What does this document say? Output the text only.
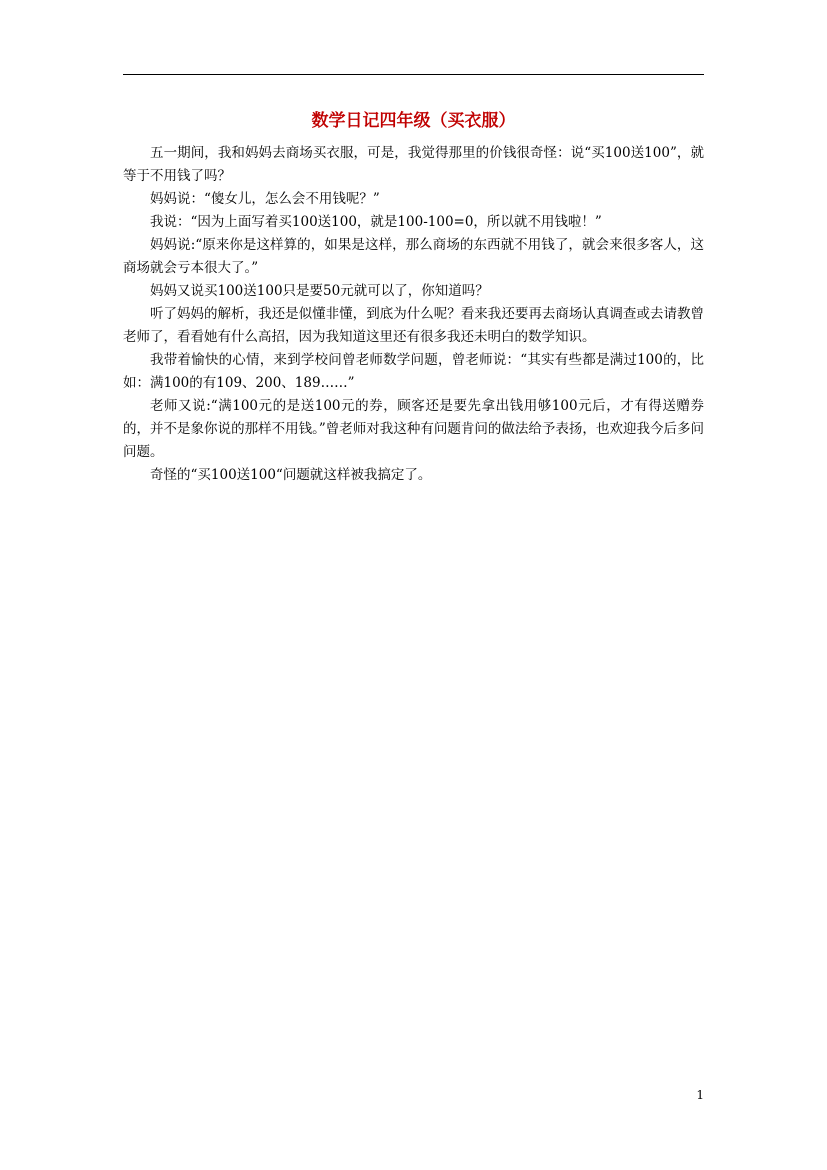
数学日记四年级（买衣服）

五一期间，我和妈妈去商场买衣服，可是，我觉得那里的价钱很奇怪：说“买100送100”，就等于不用钱了吗？

妈妈说：“傻女儿，怎么会不用钱呢？”

我说：“因为上面写着买100送100，就是100-100=0，所以就不用钱啦！”

妈妈说:“原来你是这样算的，如果是这样，那么商场的东西就不用钱了，就会来很多客人，这商场就会亏本很大了。”

妈妈又说买100送100只是要50元就可以了，你知道吗？

听了妈妈的解析，我还是似懂非懂，到底为什么呢？看来我还要再去商场认真调查或去请教曾老师了，看看她有什么高招，因为我知道这里还有很多我还未明白的数学知识。

我带着愉快的心情，来到学校问曾老师数学问题，曾老师说：“其实有些都是满过100的，比如：满100的有109、200、189……”

老师又说:“满100元的是送100元的券，顾客还是要先拿出钱用够100元后，才有得送赠券的，并不是象你说的那样不用钱。”曾老师对我这种有问题肯问的做法给予表扬，也欢迎我今后多问问题。

奇怪的“买100送100“问题就这样被我搞定了。

1
